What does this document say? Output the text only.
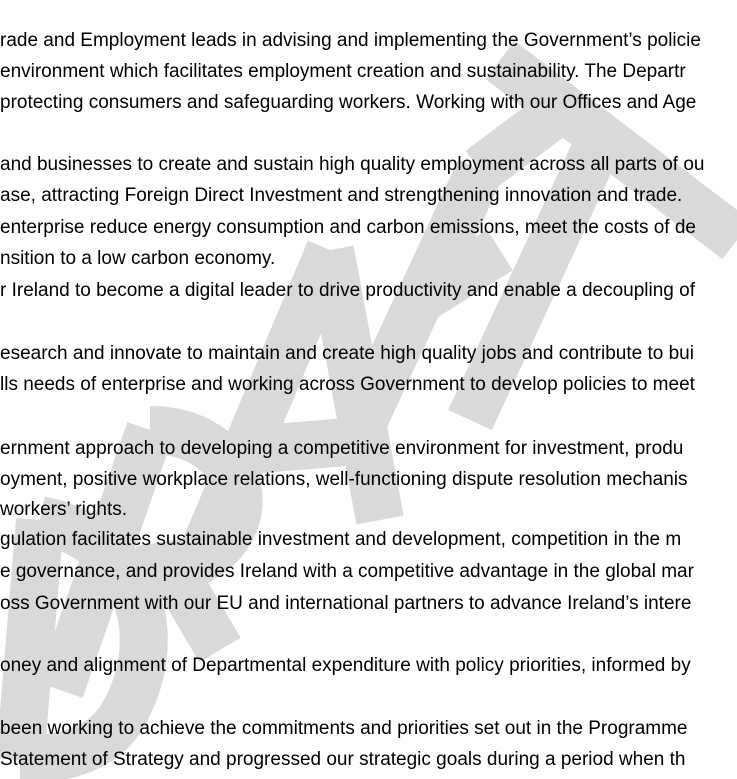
rade and Employment leads in advising and implementing the Government’s policie
environment which facilitates employment creation and sustainability. The Departr
protecting consumers and safeguarding workers. Working with our Offices and Age
and businesses to create and sustain high quality employment across all parts of ou
ase, attracting Foreign Direct Investment and strengthening innovation and trade.
enterprise reduce energy consumption and carbon emissions, meet the costs of de
nsition to a low carbon economy.
r Ireland to become a digital leader to drive productivity and enable a decoupling of
esearch and innovate to maintain and create high quality jobs and contribute to bui
lls needs of enterprise and working across Government to develop policies to meet
ernment approach to developing a competitive environment for investment, produ
oyment, positive workplace relations, well-functioning dispute resolution mechanis
workers’ rights.
gulation facilitates sustainable investment and development, competition in the m
e governance, and provides Ireland with a competitive advantage in the global mar
oss Government with our EU and international partners to advance Ireland’s intere
oney and alignment of Departmental expenditure with policy priorities, informed by
been working to achieve the commitments and priorities set out in the Programme
Statement of Strategy and progressed our strategic goals during a period when th
